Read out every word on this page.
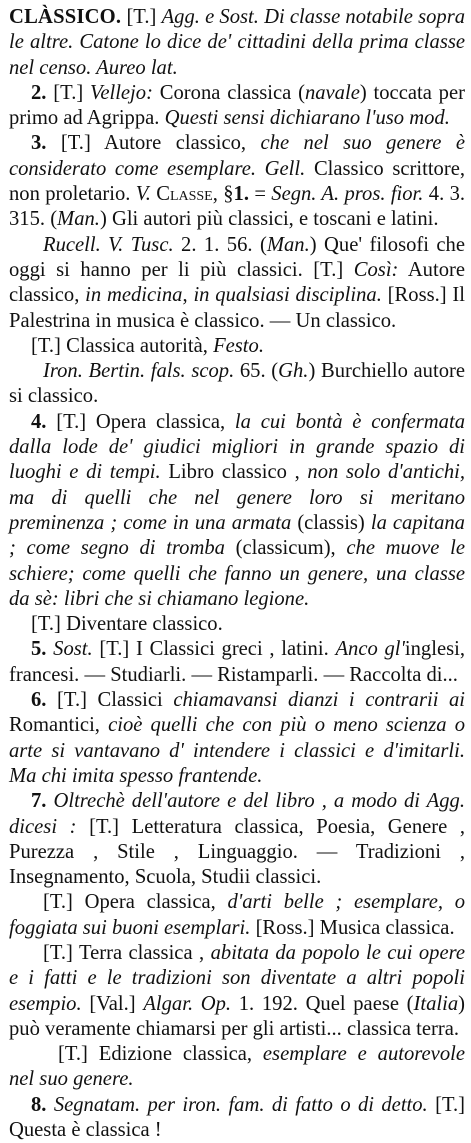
CLÀSSICO. [T.] Agg. e Sost. Di classe notabile sopra le altre. Catone lo dice de' cittadini della prima classe nel censo. Aureo lat.

2. [T.] Vellejo: Corona classica (navale) toccata per primo ad Agrippa. Questi sensi dichiarano l'uso mod.

3. [T.] Autore classico, che nel suo genere è considerato come esemplare. Gell. Classico scrittore, non proletario. V. Classe, §1. = Segn. A. pros. fior. 4. 3. 315. (Man.) Gli autori più classici, e toscani e latini.

Rucell. V. Tusc. 2. 1. 56. (Man.) Que' filosofi che oggi si hanno per li più classici. [T.] Così: Autore classico, in medicina, in qualsiasi disciplina. [Ross.] Il Palestrina in musica è classico. — Un classico.

[T.] Classica autorità, Festo.

Iron. Bertin. fals. scop. 65. (Gh.) Burchiello autore si classico.

4. [T.] Opera classica, la cui bontà è confermata dalla lode de' giudici migliori in grande spazio di luoghi e di tempi. Libro classico , non solo d'antichi, ma di quelli che nel genere loro si meritano preminenza ; come in una armata (classis) la capitana ; come segno di tromba (classicum), che muove le schiere; come quelli che fanno un genere, una classe da sè: libri che si chiamano legione.

[T.] Diventare classico.

5. Sost. [T.] I Classici greci , latini. Anco gl'inglesi, francesi. — Studiarli. — Ristamparli. — Raccolta di...

6. [T.] Classici chiamavansi dianzi i contrarii ai Romantici, cioè quelli che con più o meno scienza o arte si vantavano d' intendere i classici e d'imitarli. Ma chi imita spesso frantende.

7. Oltrechè dell'autore e del libro , a modo di Agg. dicesi : [T.] Letteratura classica, Poesia, Genere , Purezza , Stile , Linguaggio. — Tradizioni , Insegnamento, Scuola, Studii classici.

[T.] Opera classica, d'arti belle ; esemplare, o foggiata sui buoni esemplari. [Ross.] Musica classica.

[T.] Terra classica , abitata da popolo le cui opere e i fatti e le tradizioni son diventate a altri popoli esempio. [Val.] Algar. Op. 1. 192. Quel paese (Italia) può veramente chiamarsi per gli artisti... classica terra.

[T.] Edizione classica, esemplare e autorevole nel suo genere.

8. Segnatam. per iron. fam. di fatto o di detto. [T.] Questa è classica !
